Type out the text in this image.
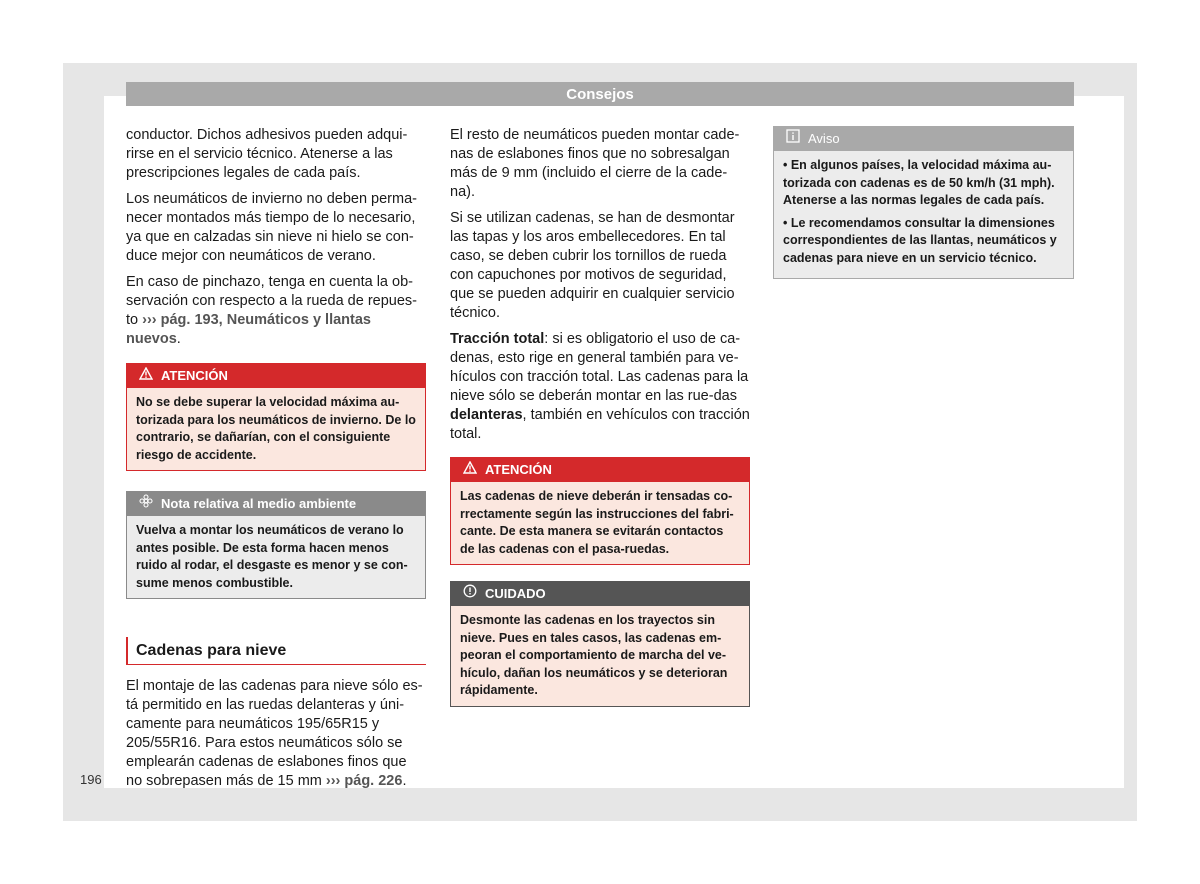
Consejos

conductor. Dichos adhesivos pueden adqui-rirse en el servicio técnico. Atenerse a las prescripciones legales de cada país.

Los neumáticos de invierno no deben perma-necer montados más tiempo de lo necesario, ya que en calzadas sin nieve ni hielo se con-duce mejor con neumáticos de verano.

En caso de pinchazo, tenga en cuenta la ob-servación con respecto a la rueda de repues-to ››› pág. 193, Neumáticos y llantas nuevos.

ATENCIÓN
No se debe superar la velocidad máxima au-torizada para los neumáticos de invierno. De lo contrario, se dañarían, con el consiguiente riesgo de accidente.
Nota relativa al medio ambiente
Vuelva a montar los neumáticos de verano lo antes posible. De esta forma hacen menos ruido al rodar, el desgaste es menor y se con-sume menos combustible.
Cadenas para nieve

El montaje de las cadenas para nieve sólo es-tá permitido en las ruedas delanteras y úni-camente para neumáticos 195/65R15 y 205/55R16. Para estos neumáticos sólo se emplearán cadenas de eslabones finos que no sobrepasen más de 15 mm ››› pág. 226.

El resto de neumáticos pueden montar cade-nas de eslabones finos que no sobresalgan más de 9 mm (incluido el cierre de la cade-na).

Si se utilizan cadenas, se han de desmontar las tapas y los aros embellecedores. En tal caso, se deben cubrir los tornillos de rueda con capuchones por motivos de seguridad, que se pueden adquirir en cualquier servicio técnico.

Tracción total: si es obligatorio el uso de ca-denas, esto rige en general también para ve-hículos con tracción total. Las cadenas para la nieve sólo se deberán montar en las rue-das delanteras, también en vehículos con tracción total.

ATENCIÓN
Las cadenas de nieve deberán ir tensadas co-rrectamente según las instrucciones del fabri-cante. De esta manera se evitarán contactos de las cadenas con el pasa-ruedas.
CUIDADO
Desmonte las cadenas en los trayectos sin nieve. Pues en tales casos, las cadenas em-peoran el comportamiento de marcha del ve-hículo, dañan los neumáticos y se deterioran rápidamente.
Aviso
• En algunos países, la velocidad máxima au-torizada con cadenas es de 50 km/h (31 mph). Atenerse a las normas legales de cada país.
• Le recomendamos consultar la dimensiones correspondientes de las llantas, neumáticos y cadenas para nieve en un servicio técnico.
196
